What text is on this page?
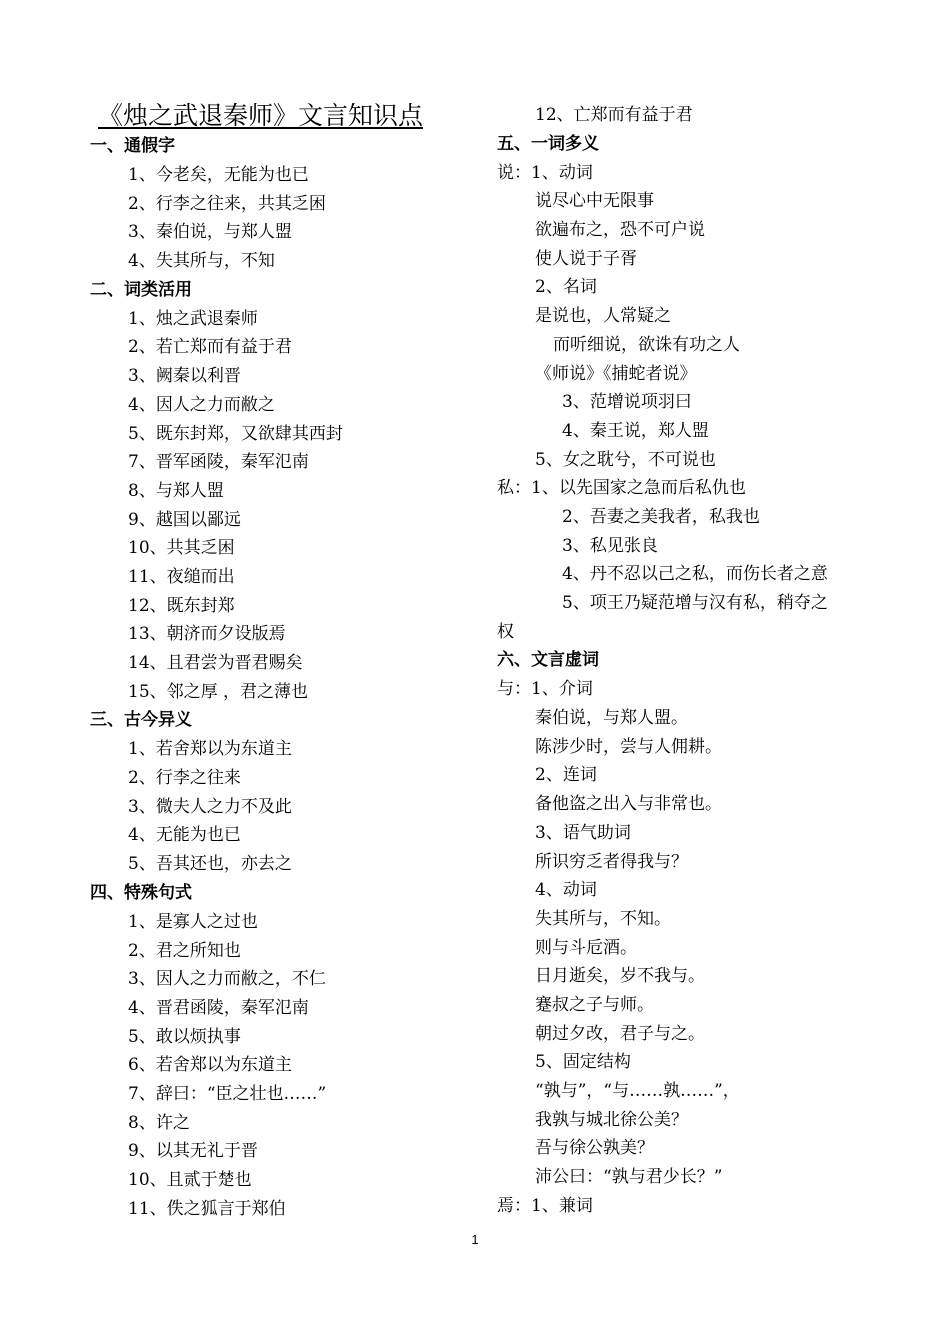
《烛之武退秦师》文言知识点
一、通假字
1、今老矣，无能为也已
2、行李之往来，共其乏困
3、秦伯说，与郑人盟
4、失其所与，不知
二、词类活用
1、烛之武退秦师
2、若亡郑而有益于君
3、阙秦以利晋
4、因人之力而敝之
5、既东封郑，又欲肆其西封
7、晋军函陵，秦军氾南
8、与郑人盟
9、越国以鄙远
10、共其乏困
11、夜缒而出
12、既东封郑
13、朝济而夕设版焉
14、且君尝为晋君赐矣
15、邻之厚 ，君之薄也
三、古今异义
1、若舍郑以为东道主
2、行李之往来
3、微夫人之力不及此
4、无能为也已
5、吾其还也，亦去之
四、特殊句式
1、是寡人之过也
2、君之所知也
3、因人之力而敝之，不仁
4、晋君函陵，秦军氾南
5、敢以烦执事
6、若舍郑以为东道主
7、辞曰：“臣之壮也……”
8、许之
9、以其无礼于晋
10、且贰于楚也
11、佚之狐言于郑伯
12、亡郑而有益于君
五、一词多义
说：1、动词
说尽心中无限事
欲遍布之，恐不可户说
使人说于子胥
2、名词
是说也，人常疑之
而听细说，欲诛有功之人
《师说》《捕蛇者说》
3、范增说项羽曰
4、秦王说，郑人盟
5、女之耽兮，不可说也
私：1、以先国家之急而后私仇也
2、吾妻之美我者，私我也
3、私见张良
4、丹不忍以己之私，而伤长者之意
5、项王乃疑范增与汉有私，稍夺之
权
六、文言虚词
与：1、介词
秦伯说，与郑人盟。
陈涉少时，尝与人佣耕。
2、连词
备他盗之出入与非常也。
3、语气助词
所识穷乏者得我与？
4、动词
失其所与，不知。
则与斗卮酒。
日月逝矣，岁不我与。
蹇叔之子与师。
朝过夕改，君子与之。
5、固定结构
“孰与”，“与……孰……”，
我孰与城北徐公美？
吾与徐公孰美？
沛公曰：“孰与君少长？”
焉：1、兼词
1
